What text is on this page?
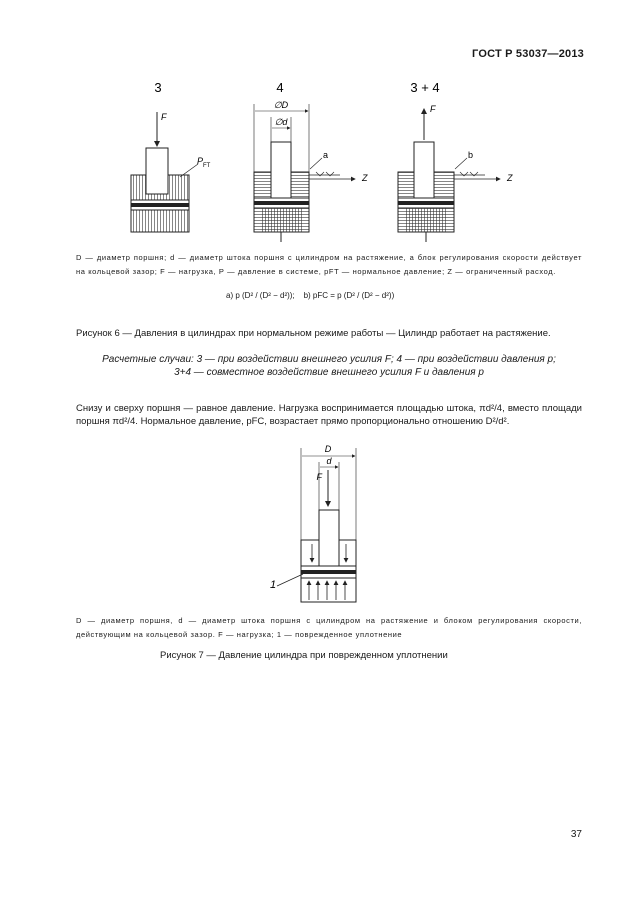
ГОСТ Р 53037—2013
3
F
$P_{FT}$
4
∅D
∅d
a
Z
3 + 4
F
b
Z
D — диаметр поршня; d — диаметр штока поршня с цилиндром на растяжение, а блок регулирования скорости действует на кольцевой зазор; F — нагрузка, P — давление в системе, pFT — нормальное давление; Z — ограниченный расход.
a) p (D² / (D² − d²)); b) pFC = p (D² / (D² − d²))
Рисунок 6 — Давления в цилиндрах при нормальном режиме работы — Цилиндр работает на растяжение.
Расчетные случаи: 3 — при воздействии внешнего усилия F; 4 — при воздействии давления p;
3+4 — совместное воздействие внешнего усилия F и давления p
Снизу и сверху поршня — равное давление. Нагрузка воспринимается площадью штока, πd²/4, вместо площади поршня πd²/4. Нормальное давление, pFC, возрастает прямо пропорционально отношению D²/d².
D
d
F
1
D — диаметр поршня, d — диаметр штока поршня с цилиндром на растяжение и блоком регулирования скорости, действующим на кольцевой зазор. F — нагрузка; 1 — поврежденное уплотнение
Рисунок 7 — Давление цилиндра при поврежденном уплотнении
37
